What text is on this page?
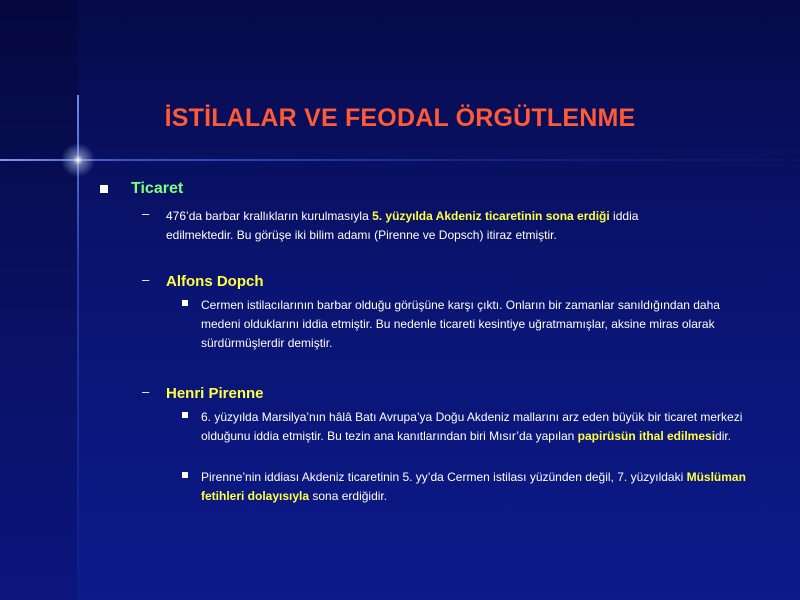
İSTİLALAR VE FEODAL ÖRGÜTLENME
Ticaret
– 476’da barbar krallıkların kurulmasıyla 5. yüzyılda Akdeniz ticaretinin sona erdiği iddia edilmektedir. Bu görüşe iki bilim adamı (Pirenne ve Dopsch) itiraz etmiştir.
– Alfons Dopch
Cermen istilacılarının barbar olduğu görüşüne karşı çıktı. Onların bir zamanlar sanıldığından daha medeni olduklarını iddia etmiştir. Bu nedenle ticareti kesintiye uğratmamışlar, aksine miras olarak sürdürmüşlerdir demiştir.
– Henri Pirenne
6. yüzyılda Marsilya’nın hâlâ Batı Avrupa’ya Doğu Akdeniz mallarını arz eden büyük bir ticaret merkezi olduğunu iddia etmiştir. Bu tezin ana kanıtlarından biri Mısır’da yapılan papirüsün ithal edilmesidir.
Pirenne’nin iddiası Akdeniz ticaretinin 5. yy’da Cermen istilası yüzünden değil, 7. yüzyıldaki Müslüman fetihleri dolayısıyla sona erdiğidir.
